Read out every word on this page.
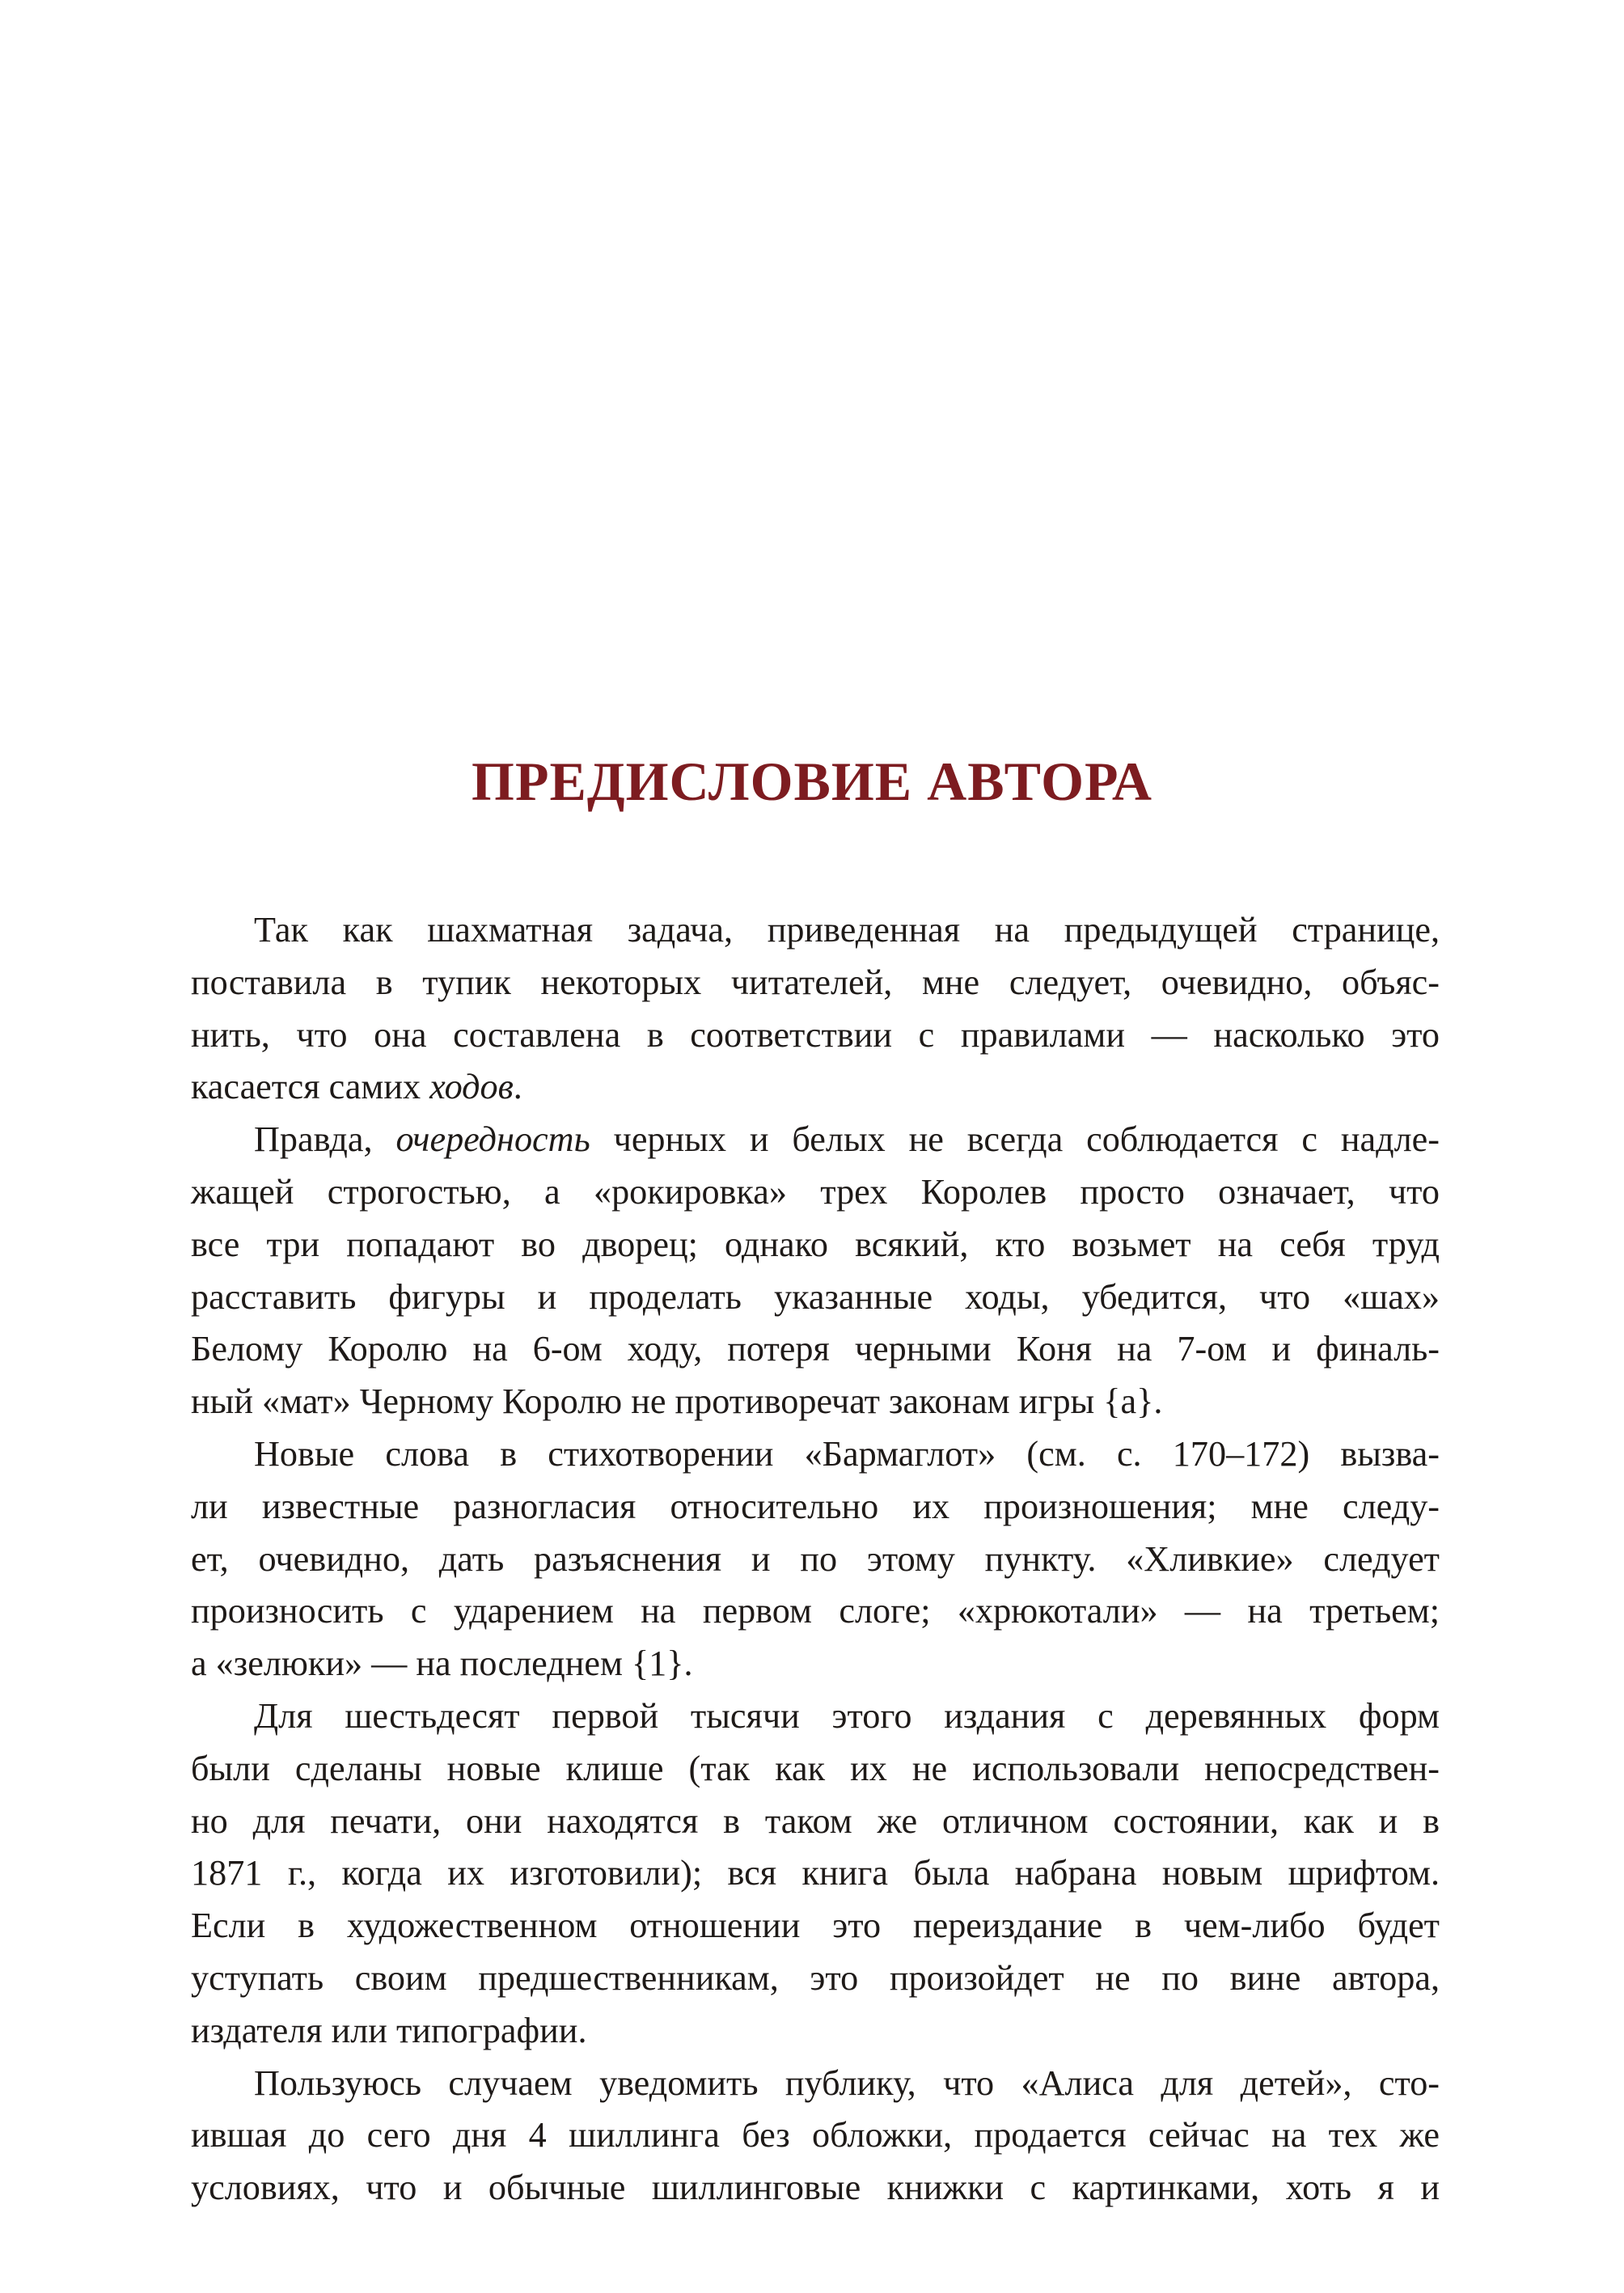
ПРЕДИСЛОВИЕ АВТОРА
Так как шахматная задача, приведенная на предыдущей странице,
поставила в тупик некоторых читателей, мне следует, очевидно, объяс-
нить, что она составлена в соответствии с правилами — насколько это
касается самих ходов.
Правда, очередность черных и белых не всегда соблюдается с надле-
жащей строгостью, а «рокировка» трех Королев просто означает, что
все три попадают во дворец; однако всякий, кто возьмет на себя труд
расставить фигуры и проделать указанные ходы, убедится, что «шах»
Белому Королю на 6-ом ходу, потеря черными Коня на 7-ом и финаль-
ный «мат» Черному Королю не противоречат законам игры {а}.
Новые слова в стихотворении «Бармаглот» (см. с. 170–172) вызва-
ли известные разногласия относительно их произношения; мне следу-
ет, очевидно, дать разъяснения и по этому пункту. «Хливкие» следует
произносить с ударением на первом слоге; «хрюкотали» — на третьем;
а «зелюки» — на последнем {1}.
Для шестьдесят первой тысячи этого издания с деревянных форм
были сделаны новые клише (так как их не использовали непосредствен-
но для печати, они находятся в таком же отличном состоянии, как и в
1871 г., когда их изготовили); вся книга была набрана новым шрифтом.
Если в художественном отношении это переиздание в чем-либо будет
уступать своим предшественникам, это произойдет не по вине автора,
издателя или типографии.
Пользуюсь случаем уведомить публику, что «Алиса для детей», сто-
ившая до сего дня 4 шиллинга без обложки, продается сейчас на тех же
условиях, что и обычные шиллинговые книжки с картинками, хоть я и
